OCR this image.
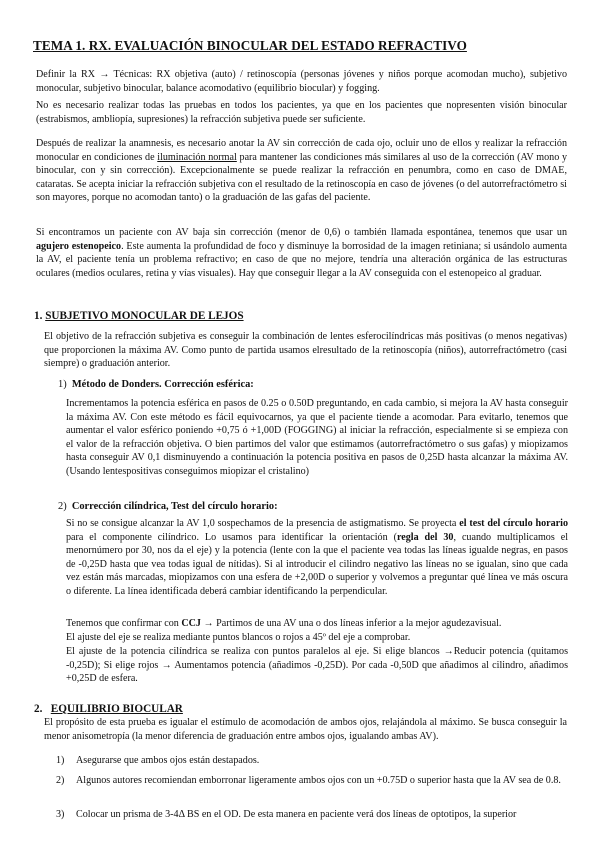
TEMA 1. RX. EVALUACIÓN BINOCULAR DEL ESTADO REFRACTIVO
Definir la RX → Técnicas: RX objetiva (auto) / retinoscopía (personas jóvenes y niños porque acomodan mucho), subjetivo monocular, subjetivo binocular, balance acomodativo (equilibrio biocular) y fogging.
No es necesario realizar todas las pruebas en todos los pacientes, ya que en los pacientes que nopresenten visión binocular (estrabismos, ambliopía, supresiones) la refracción subjetiva puede ser suficiente.
Después de realizar la anamnesis, es necesario anotar la AV sin corrección de cada ojo, ocluir uno de ellos y realizar la refracción monocular en condiciones de iluminación normal para mantener las condiciones más similares al uso de la corrección (AV mono y binocular, con y sin corrección). Excepcionalmente se puede realizar la refracción en penumbra, como en caso de DMAE, cataratas. Se acepta iniciar la refracción subjetiva con el resultado de la retinoscopía en caso de jóvenes (o del autorrefractómetro si son mayores, porque no acomodan tanto) o la graduación de las gafas del paciente.
Si encontramos un paciente con AV baja sin corrección (menor de 0,6) o también llamada espontánea, tenemos que usar un agujero estenopeico. Este aumenta la profundidad de foco y disminuye la borrosidad de la imagen retiniana; si usándolo aumenta la AV, el paciente tenía un problema refractivo; en caso de que no mejore, tendría una alteración orgánica de las estructuras oculares (medios oculares, retina y vías visuales). Hay que conseguir llegar a la AV conseguida con el estenopeico al graduar.
1. SUBJETIVO MONOCULAR DE LEJOS
El objetivo de la refracción subjetiva es conseguir la combinación de lentes esferocilíndricas más positivas (o menos negativas) que proporcionen la máxima AV. Como punto de partida usamos elresultado de la retinoscopía (niños), autorrefractómetro (casi siempre) o graduación anterior.
1) Método de Donders. Corrección esférica:
Incrementamos la potencia esférica en pasos de 0.25 o 0.50D preguntando, en cada cambio, si mejora la AV hasta conseguir la máxima AV. Con este método es fácil equivocarnos, ya que el paciente tiende a acomodar. Para evitarlo, tenemos que aumentar el valor esférico poniendo +0,75 ó +1,00D (FOGGING) al iniciar la refracción, especialmente si se empieza con el valor de la refracción objetiva. O bien partimos del valor que estimamos (autorrefractómetro o sus gafas) y miopizamos hasta conseguir AV 0,1 disminuyendo a continuación la potencia positiva en pasos de 0,25D hasta alcanzar la máxima AV. (Usando lentespositivas conseguimos miopizar el cristalino)
2) Corrección cilíndrica, Test del círculo horario:
Si no se consigue alcanzar la AV 1,0 sospechamos de la presencia de astigmatismo. Se proyecta el test del círculo horario para el componente cilíndrico. Lo usamos para identificar la orientación (regla del 30, cuando multiplicamos el menornúmero por 30, nos da el eje) y la potencia (lente con la que el paciente vea todas las líneas igualde negras, en pasos de -0,25D hasta que vea todas igual de nítidas). Si al introducir el cilindro negativo las líneas no se igualan, sino que cada vez están más marcadas, miopizamos con una esfera de +2,00D o superior y volvemos a preguntar qué línea ve más oscura o diferente. La línea identificada deberá cambiar identificando la perpendicular.
Tenemos que confirmar con CCJ → Partimos de una AV una o dos líneas inferior a la mejor agudezavisual.
El ajuste del eje se realiza mediante puntos blancos o rojos a 45º del eje a comprobar.
El ajuste de la potencia cilíndrica se realiza con puntos paralelos al eje. Si elige blancos →Reducir potencia (quitamos -0,25D); Si elige rojos → Aumentamos potencia (añadimos -0,25D). Por cada -0,50D que añadimos al cilindro, añadimos +0,25D de esfera.
2. EQUILIBRIO BIOCULAR
El propósito de esta prueba es igualar el estímulo de acomodación de ambos ojos, relajándola al máximo. Se busca conseguir la menor anisometropía (la menor diferencia de graduación entre ambos ojos, igualando ambas AV).
1) Asegurarse que ambos ojos están destapados.
2) Algunos autores recomiendan emborronar ligeramente ambos ojos con un +0.75D o superior hasta que la AV sea de 0.8.
3) Colocar un prisma de 3-4Δ BS en el OD. De esta manera en paciente verá dos líneas de optotipos, la superior
